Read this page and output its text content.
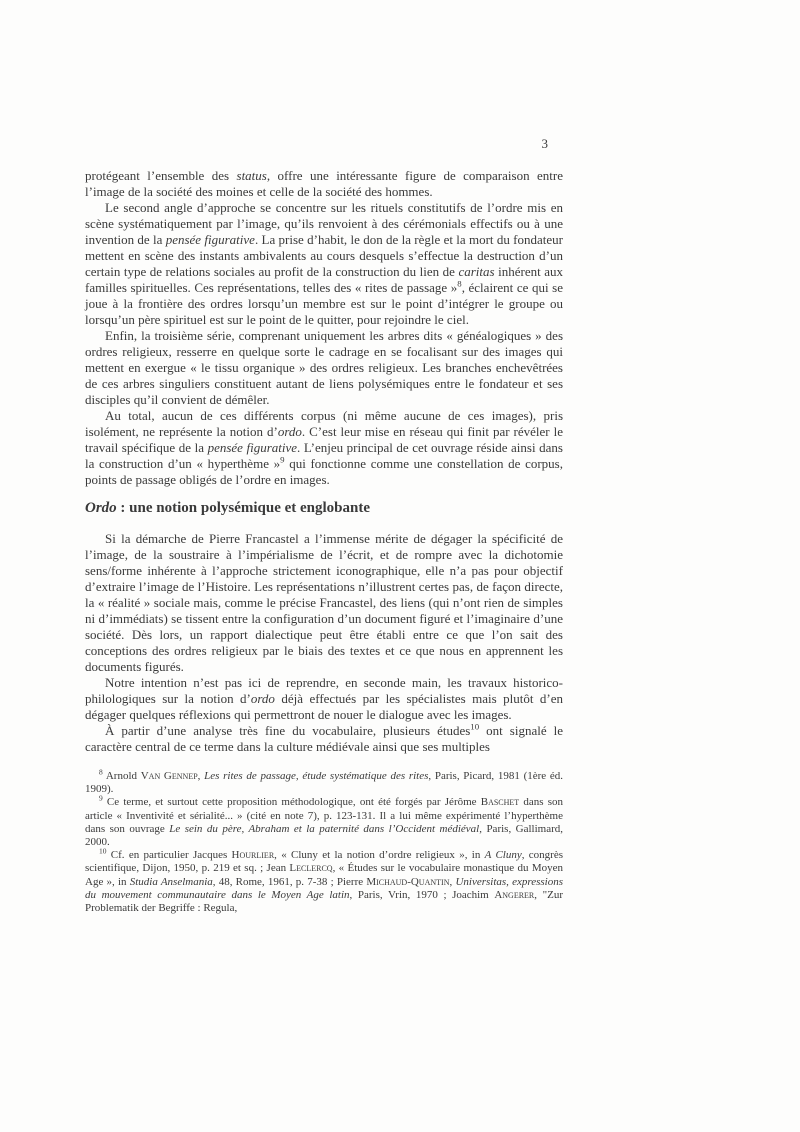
3

protégeant l’ensemble des status, offre une intéressante figure de comparaison entre l’image de la société des moines et celle de la société des hommes.

Le second angle d’approche se concentre sur les rituels constitutifs de l’ordre mis en scène systématiquement par l’image, qu’ils renvoient à des cérémonials effectifs ou à une invention de la pensée figurative. La prise d’habit, le don de la règle et la mort du fondateur mettent en scène des instants ambivalents au cours desquels s’effectue la destruction d’un certain type de relations sociales au profit de la construction du lien de caritas inhérent aux familles spirituelles. Ces représentations, telles des « rites de passage »$^8$, éclairent ce qui se joue à la frontière des ordres lorsqu’un membre est sur le point d’intégrer le groupe ou lorsqu’un père spirituel est sur le point de le quitter, pour rejoindre le ciel.

Enfin, la troisième série, comprenant uniquement les arbres dits « généalogiques » des ordres religieux, resserre en quelque sorte le cadrage en se focalisant sur des images qui mettent en exergue « le tissu organique » des ordres religieux. Les branches enchevêtrées de ces arbres singuliers constituent autant de liens polysémiques entre le fondateur et ses disciples qu’il convient de démêler.

Au total, aucun de ces différents corpus (ni même aucune de ces images), pris isolément, ne représente la notion d’ordo. C’est leur mise en réseau qui finit par révéler le travail spécifique de la pensée figurative. L’enjeu principal de cet ouvrage réside ainsi dans la construction d’un « hyperthème »$^9$ qui fonctionne comme une constellation de corpus, points de passage obligés de l’ordre en images.

Ordo : une notion polysémique et englobante

Si la démarche de Pierre Francastel a l’immense mérite de dégager la spécificité de l’image, de la soustraire à l’impérialisme de l’écrit, et de rompre avec la dichotomie sens/forme inhérente à l’approche strictement iconographique, elle n’a pas pour objectif d’extraire l’image de l’Histoire. Les représentations n’illustrent certes pas, de façon directe, la « réalité » sociale mais, comme le précise Francastel, des liens (qui n’ont rien de simples ni d’immédiats) se tissent entre la configuration d’un document figuré et l’imaginaire d’une société. Dès lors, un rapport dialectique peut être établi entre ce que l’on sait des conceptions des ordres religieux par le biais des textes et ce que nous en apprennent les documents figurés.

Notre intention n’est pas ici de reprendre, en seconde main, les travaux historico-philologiques sur la notion d’ordo déjà effectués par les spécialistes mais plutôt d’en dégager quelques réflexions qui permettront de nouer le dialogue avec les images.

À partir d’une analyse très fine du vocabulaire, plusieurs études$^{10}$ ont signalé le caractère central de ce terme dans la culture médiévale ainsi que ses multiples

$^8$ Arnold Van Gennep, Les rites de passage, étude systématique des rites, Paris, Picard, 1981 (1ère éd. 1909).

$^9$ Ce terme, et surtout cette proposition méthodologique, ont été forgés par Jérôme Baschet dans son article « Inventivité et sérialité... » (cité en note 7), p. 123-131. Il a lui même expérimenté l’hyperthème dans son ouvrage Le sein du père, Abraham et la paternité dans l’Occident médiéval, Paris, Gallimard, 2000.

$^{10}$ Cf. en particulier Jacques Hourlier, « Cluny et la notion d’ordre religieux », in A Cluny, congrès scientifique, Dijon, 1950, p. 219 et sq. ; Jean Leclercq, « Études sur le vocabulaire monastique du Moyen Age », in Studia Anselmania, 48, Rome, 1961, p. 7-38 ; Pierre Michaud-Quantin, Universitas, expressions du mouvement communautaire dans le Moyen Age latin, Paris, Vrin, 1970 ; Joachim Angerer, "Zur Problematik der Begriffe : Regula,
